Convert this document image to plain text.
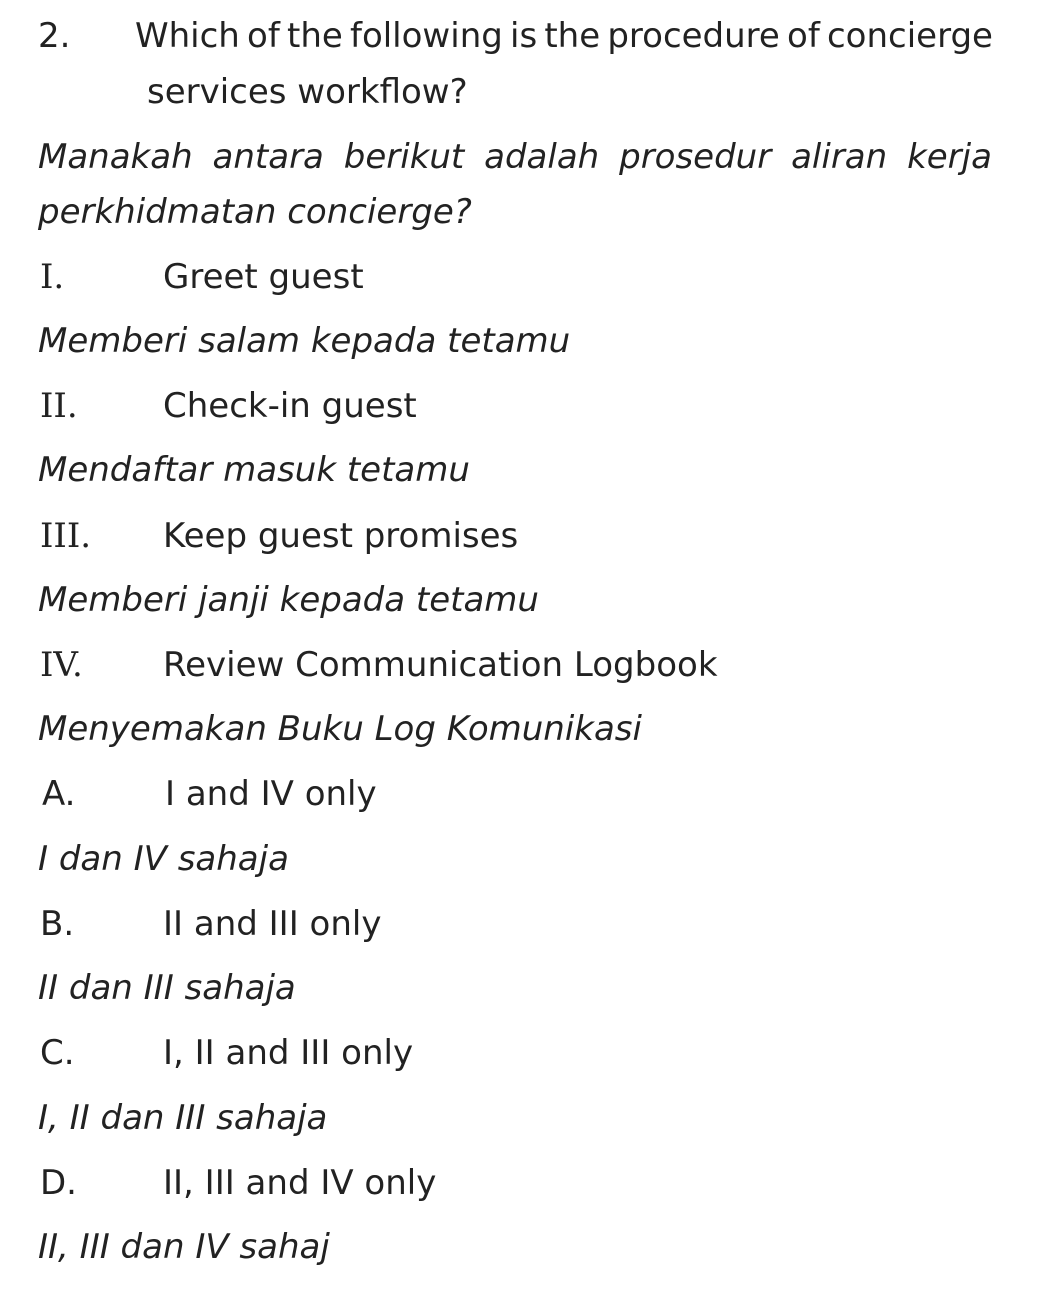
2. Which of the following is the procedure of concierge
services workflow?
Manakah antara berikut adalah prosedur aliran kerja
perkhidmatan concierge?
I.	Greet guest
Memberi salam kepada tetamu
II.	Check-in guest
Mendaftar masuk tetamu
III. Keep guest promises
Memberi janji kepada tetamu
IV. Review Communication Logbook
Menyemakan Buku Log Komunikasi
A.	I and IV only
I dan IV sahaja
B.	II and III only
II dan III sahaja
C.	I, II and III only
I, II dan III sahaja
D.	II, III and IV only
II, III dan IV sahaj
